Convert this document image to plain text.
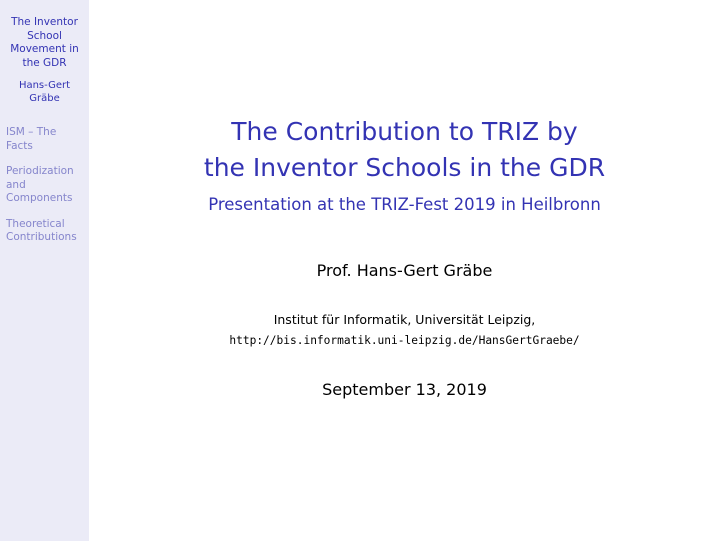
The Inventor
School
Movement in
the GDR
Hans-Gert
Gräbe
ISM – The
Facts
Periodization
and
Components
Theoretical
Contributions
The Contribution to TRIZ by
the Inventor Schools in the GDR
Presentation at the TRIZ-Fest 2019 in Heilbronn
Prof. Hans-Gert Gräbe
Institut für Informatik, Universität Leipzig,
http://bis.informatik.uni-leipzig.de/HansGertGraebe/
September 13, 2019
